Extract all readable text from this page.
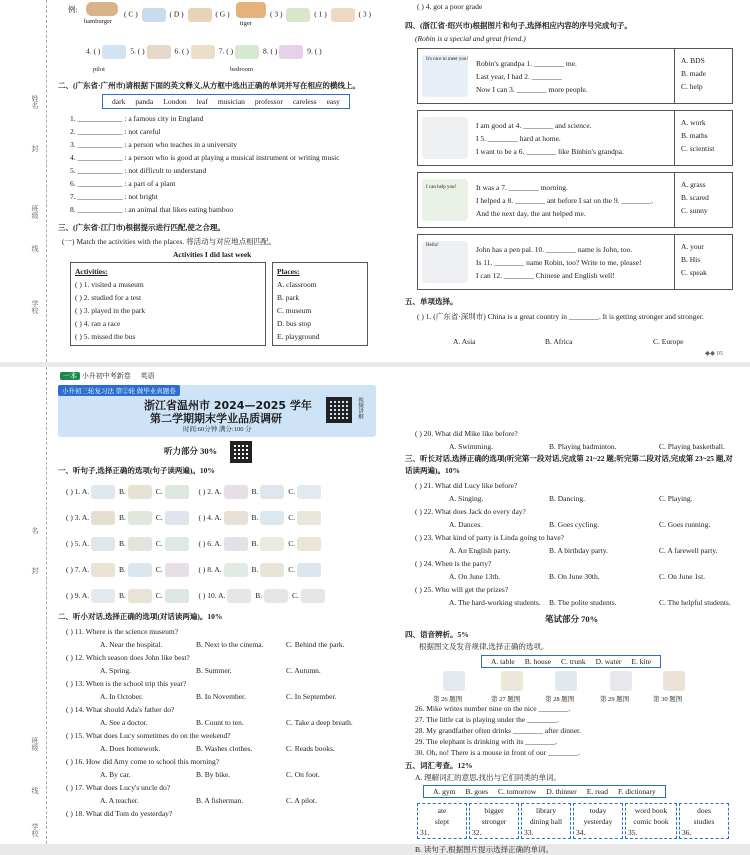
姓名
封
班级
线
学校
例:
hamburger
( C )	( D )	( G )
tiger
( 3 )	( 1 )	( 3 )
4. ( )	5. ( )	6. ( )	7. ( )	8. ( )	9. ( )
pilot	bedroom
二、(广东省·广州市)请根据下面的英文释义,从方框中选出正确的单词并写在相应的横线上。
dark panda London leaf musician professor careless easy
1. ____________ : a famous city in England
2. ____________ : not careful
3. ____________ : a person who teaches in a university
4. ____________ : a person who is good at playing a musical instrument or writing music
5. ____________ : not difficult to understand
6. ____________ : a part of a plant
7. ____________ : not bright
8. ____________ : an animal that likes eating bamboo
三、(广东省·江门市)根据提示进行匹配,使之合理。
(一) Match the activities with the places. 将活动与对应地点相匹配。
Activities I did last week
Activities:
( ) 1. visited a museum
( ) 2. studied for a test
( ) 3. played in the park
( ) 4. ran a race
( ) 5. missed the bus
Places:
A. classroom
B. park
C. museum
D. bus stop
E. playground
( ) 4. got a poor grade
四、(浙江省·绍兴市)根据图片和句子,选择相应内容的序号完成句子。
(Robin is a special and great friend.)
It's nice to meet you! Robin's grandpa 1. ________ me.
Last year, I had 2. ________
Now I can 3. ________ more people.
A. BDS
B. made
C. help
I am good at 4. ________ and science.
I 5. ________ hard at home.
I want to be a 6. ________ like Binbin's grandpa.
A. work
B. maths
C. scientist
I can help you!	It was a 7. ________ morning.
I helped a 8. ________ ant before I sat on the 9. ________.
And the next day, the ant helped me.
A. grass
B. scared
C. sunny
Hello!	John has a pen pal. 10. ________ name is John, too.
Is 11. ________ name Robin, too? Write to me, please!
I can 12. ________ Chinese and English well!
A. your
B. His
C. speak
五、单项选择。
( ) 1. (广东省·深圳市) China is a great country in ________. It is getting stronger and stronger.
A. Asia	B. Africa	C. Europe
◆◆ 05
名
封
班级
线
学校
一本 小升初中考新卷 英语
小升初三轮复习法 第②轮 做毕业真题卷
浙江省温州市 2024—2025 学年
第二学期期末学业品质调研
时间:60分钟 满分:100 分
视频讲解
听力部分 30%
一、听句子,选择正确的选项(句子读两遍)。10%
( ) 1. A.	B.	C.	( ) 2. A.	B.	C.
( ) 3. A.	B.	C.	( ) 4. A.	B.	C.
( ) 5. A.	B.	C.	( ) 6. A.	B.	C.
( ) 7. A.	B.	C.	( ) 8. A.	B.	C.
( ) 9. A.	B.	C.	( ) 10. A.	B.	C.
二、听小对话,选择正确的选项(对话读两遍)。10%
( ) 11. Where is the science museum?
A. Near the hospital.	B. Next to the cinema.	C. Behind the park.
( ) 12. Which season does John like best?
A. Spring.	B. Summer.	C. Autumn.
( ) 13. When is the school trip this year?
A. In October.	B. In November.	C. In September.
( ) 14. What should Ada's father do?
A. See a doctor.	B. Count to ten.	C. Take a deep breath.
( ) 15. What does Lucy sometimes do on the weekend?
A. Does homework.	B. Washes clothes.	C. Reads books.
( ) 16. How did Amy come to school this morning?
A. By car.	B. By bike.	C. On foot.
( ) 17. What does Lucy's uncle do?
A. A teacher.	B. A fisherman.	C. A pilot.
( ) 18. What did Tom do yesterday?
( ) 20. What did Mike like before?
A. Swimming.	B. Playing badminton.	C. Playing basketball.
三、听长对话,选择正确的选项(听完第一段对话,完成第 21~22 题;听完第二段对话,完成第 23~25 题,对话读两遍)。10%
( ) 21. What did Lucy like before?
A. Singing.	B. Dancing.	C. Playing.
( ) 22. What does Jack do every day?
A. Dances.	B. Goes cycling.	C. Goes running.
( ) 23. What kind of party is Linda going to have?
A. An English party.	B. A birthday party.	C. A farewell party.
( ) 24. When is the party?
A. On June 13th.	B. On June 30th.	C. On June 1st.
( ) 25. Who will get the prizes?
A. The hard-working students. B. The polite students.	C. The helpful students.
笔试部分 70%
四、语音辨析。5%
根据图文及发音规律,选择正确的选项。
A. table B. house C. trunk D. water E. kite
第 26 题图	第 27 题图	第 28 题图	第 29 题图	第 30 题图
26. Mike writes number nine on the nice ________.
27. The little cat is playing under the ________.
28. My grandfather often drinks ________ after dinner.
29. The elephant is drinking with its ________.
30. Oh, no! There is a mouse in front of our ________.
五、词汇考查。12%
A. 理解词汇的意思,找出与它们同类的单词。
A. gym B. goes C. tomorrow D. thinner E. read F. dictionary
ate
slept
31.
bigger
stronger
32.
library
dining hall
33.
today
yesterday
34.
word book
comic book
35.
does
studies
36.
B. 读句子,根据图片提示选择正确的单词。
